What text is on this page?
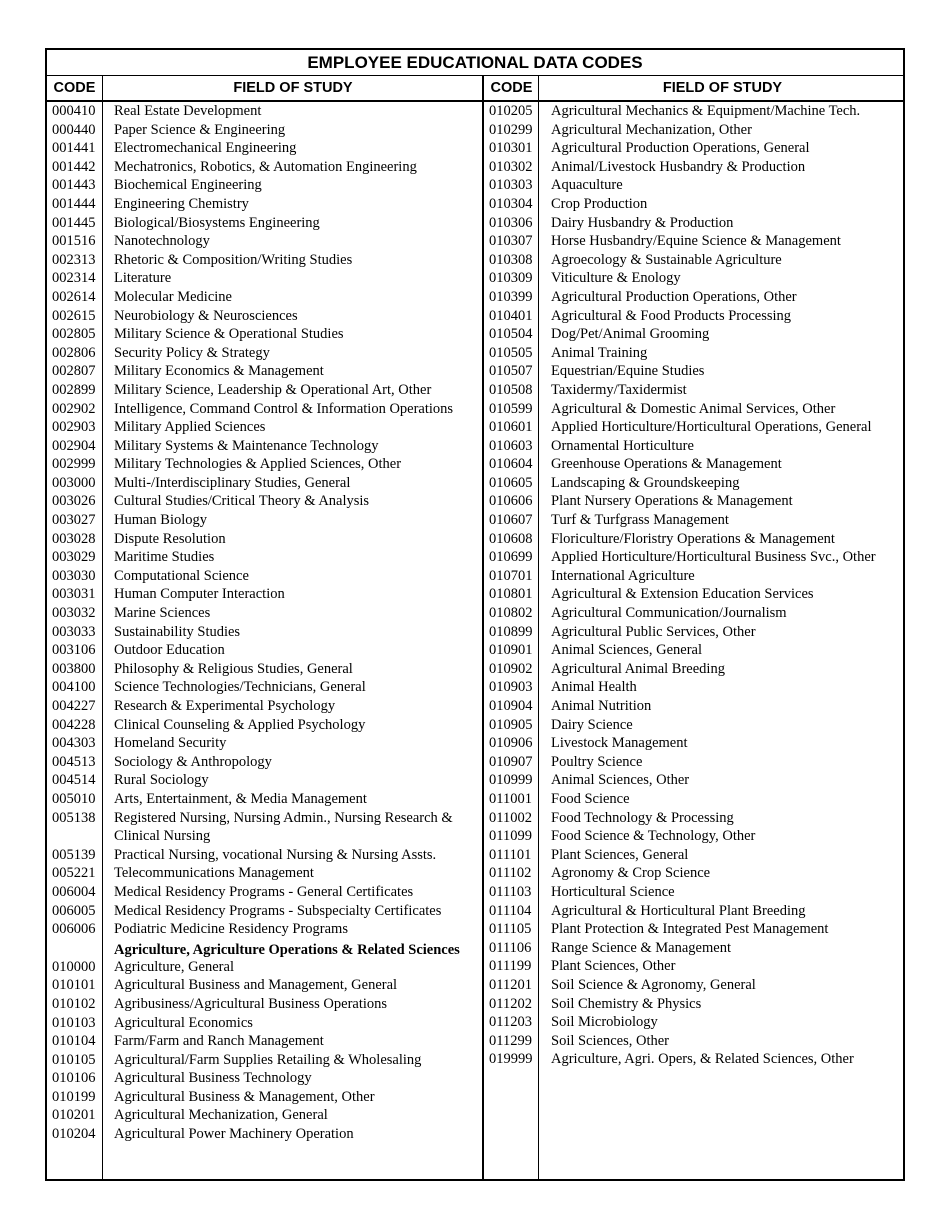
EMPLOYEE EDUCATIONAL DATA CODES
CODE	FIELD OF STUDY	CODE	FIELD OF STUDY
000410	Real Estate Development
000440	Paper Science & Engineering
001441	Electromechanical Engineering
001442	Mechatronics, Robotics, & Automation Engineering
001443	Biochemical Engineering
001444	Engineering Chemistry
001445	Biological/Biosystems Engineering
001516	Nanotechnology
002313	Rhetoric & Composition/Writing Studies
002314	Literature
002614	Molecular Medicine
002615	Neurobiology & Neurosciences
002805	Military Science & Operational Studies
002806	Security Policy & Strategy
002807	Military Economics & Management
002899	Military Science, Leadership & Operational Art, Other
002902	Intelligence, Command Control & Information Operations
002903	Military Applied Sciences
002904	Military Systems & Maintenance Technology
002999	Military Technologies & Applied Sciences, Other
003000	Multi-/Interdisciplinary Studies, General
003026	Cultural Studies/Critical Theory & Analysis
003027	Human Biology
003028	Dispute Resolution
003029	Maritime Studies
003030	Computational Science
003031	Human Computer Interaction
003032	Marine Sciences
003033	Sustainability Studies
003106	Outdoor Education
003800	Philosophy & Religious Studies, General
004100	Science Technologies/Technicians, General
004227	Research & Experimental Psychology
004228	Clinical Counseling & Applied Psychology
004303	Homeland Security
004513	Sociology & Anthropology
004514	Rural Sociology
005010	Arts, Entertainment, & Media Management
005138	Registered Nursing, Nursing Admin., Nursing Research & Clinical Nursing
005139	Practical Nursing, vocational Nursing & Nursing Assts.
005221	Telecommunications Management
006004	Medical Residency Programs - General Certificates
006005	Medical Residency Programs - Subspecialty Certificates
006006	Podiatric Medicine Residency Programs
Agriculture, Agriculture Operations & Related Sciences
010000	Agriculture, General
010101	Agricultural Business and Management, General
010102	Agribusiness/Agricultural Business Operations
010103	Agricultural Economics
010104	Farm/Farm and Ranch Management
010105	Agricultural/Farm Supplies Retailing & Wholesaling
010106	Agricultural Business Technology
010199	Agricultural Business & Management, Other
010201	Agricultural Mechanization, General
010204	Agricultural Power Machinery Operation
010205	Agricultural Mechanics & Equipment/Machine Tech.
010299	Agricultural Mechanization, Other
010301	Agricultural Production Operations, General
010302	Animal/Livestock Husbandry & Production
010303	Aquaculture
010304	Crop Production
010306	Dairy Husbandry & Production
010307	Horse Husbandry/Equine Science & Management
010308	Agroecology & Sustainable Agriculture
010309	Viticulture & Enology
010399	Agricultural Production Operations, Other
010401	Agricultural & Food Products Processing
010504	Dog/Pet/Animal Grooming
010505	Animal Training
010507	Equestrian/Equine Studies
010508	Taxidermy/Taxidermist
010599	Agricultural & Domestic Animal Services, Other
010601	Applied Horticulture/Horticultural Operations, General
010603	Ornamental Horticulture
010604	Greenhouse Operations & Management
010605	Landscaping & Groundskeeping
010606	Plant Nursery Operations & Management
010607	Turf & Turfgrass Management
010608	Floriculture/Floristry Operations & Management
010699	Applied Horticulture/Horticultural Business Svc., Other
010701	International Agriculture
010801	Agricultural & Extension Education Services
010802	Agricultural Communication/Journalism
010899	Agricultural Public Services, Other
010901	Animal Sciences, General
010902	Agricultural Animal Breeding
010903	Animal Health
010904	Animal Nutrition
010905	Dairy Science
010906	Livestock Management
010907	Poultry Science
010999	Animal Sciences, Other
011001	Food Science
011002	Food Technology & Processing
011099	Food Science & Technology, Other
011101	Plant Sciences, General
011102	Agronomy & Crop Science
011103	Horticultural Science
011104	Agricultural & Horticultural Plant Breeding
011105	Plant Protection & Integrated Pest Management
011106	Range Science & Management
011199	Plant Sciences, Other
011201	Soil Science & Agronomy, General
011202	Soil Chemistry & Physics
011203	Soil Microbiology
011299	Soil Sciences, Other
019999	Agriculture, Agri. Opers, & Related Sciences, Other
